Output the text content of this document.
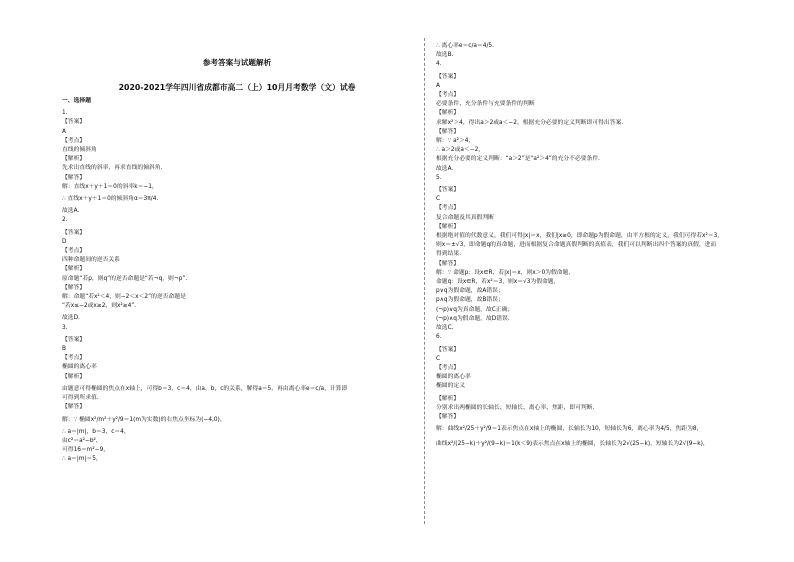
参考答案与试题解析
2020-2021学年四川省成都市高二（上）10月月考数学（文）试卷
一、选择题
1.
【答案】
A
【考点】
直线的倾斜角
【解析】
先求出直线的斜率，再求直线的倾斜角.
【解答】
解：直线x＋y＋1＝0的斜率k＝−1，
∴ 直线x＋y＋1＝0的倾斜角α＝3π/4.
故选A.
2.
【答案】
D
【考点】
四种命题间的逆否关系
【解析】
原命题“若p，则q”的逆否命题是“若¬q，则¬p”.
【解答】
解：命题“若x²＜4，则−2＜x＜2”的逆否命题是
“若x≤−2或x≥2，则x²≥4”.
故选D.
3.
【答案】
B
【考点】
椭圆的离心率
【解析】
由题意可得椭圆的焦点在x轴上，可得b＝3，c＝4，由a，b，c的关系，解得a＝5，再由离心率e＝c/a，计算即
可得到所求值.
【解答】
解：∵ 椭圆x²/m²＋y²/9＝1(m为实数)的右焦点坐标为(−4,0)，
∴ a＝|m|，b＝3，c＝4，
由c²＝a²−b²，
可得16＝m²−9，
∴ a＝|m|＝5，
∴ 离心率e＝c/a＝4/5.
故选B.
4.
【答案】
A
【考点】
必要条件、充分条件与充要条件的判断
【解析】
求解x²＞4，得出a＞2或a＜−2，根据充分必要的定义判断即可得出答案.
【解答】
解：∵ a²＞4，
∴ a＞2或a＜−2，
根据充分必要的定义判断：“a＞2”是“a²＞4”的充分不必要条件.
故选A.
5.
【答案】
C
【考点】
复合命题及其真假判断
【解析】
根据绝对值的代数意义，我们可得|x|＝x，我们|x≥0，即命题p为假命题，由平方根的定义，我们可得若x²＝3，
则x＝±√3，即命题q的真命题，进而根据复合命题真假判断的真值表，我们可以判断出四个答案的真假，进而
得到结果.
【解答】
解：∵ 命题p：设x∈R，若|x|＝x，则x＞0为假命题，
命题q：设x∈R，若x²＝3，则x＝√3为假命题，
p∨q为假命题，故A错误；
p∧q为假命题，故B错误；
(¬p)∨q为真命题，故C正确；
(¬p)∧q为假命题，故D错误.
故选C.
6.
【答案】
C
【考点】
椭圆的离心率
椭圆的定义
【解析】
分别求出两椭圆的长轴长、短轴长、离心率、焦距，即可判断.
【解答】
解：曲线x²/25＋y²/9＝1表示焦点在x轴上的椭圆，长轴长为10，短轴长为6，离心率为4/5，焦距为8，
曲线x²/(25−k)＋y²/(9−k)＝1(k＜9)表示焦点在x轴上的椭圆，长轴长为2√(25−k)，短轴长为2√(9−k)，
